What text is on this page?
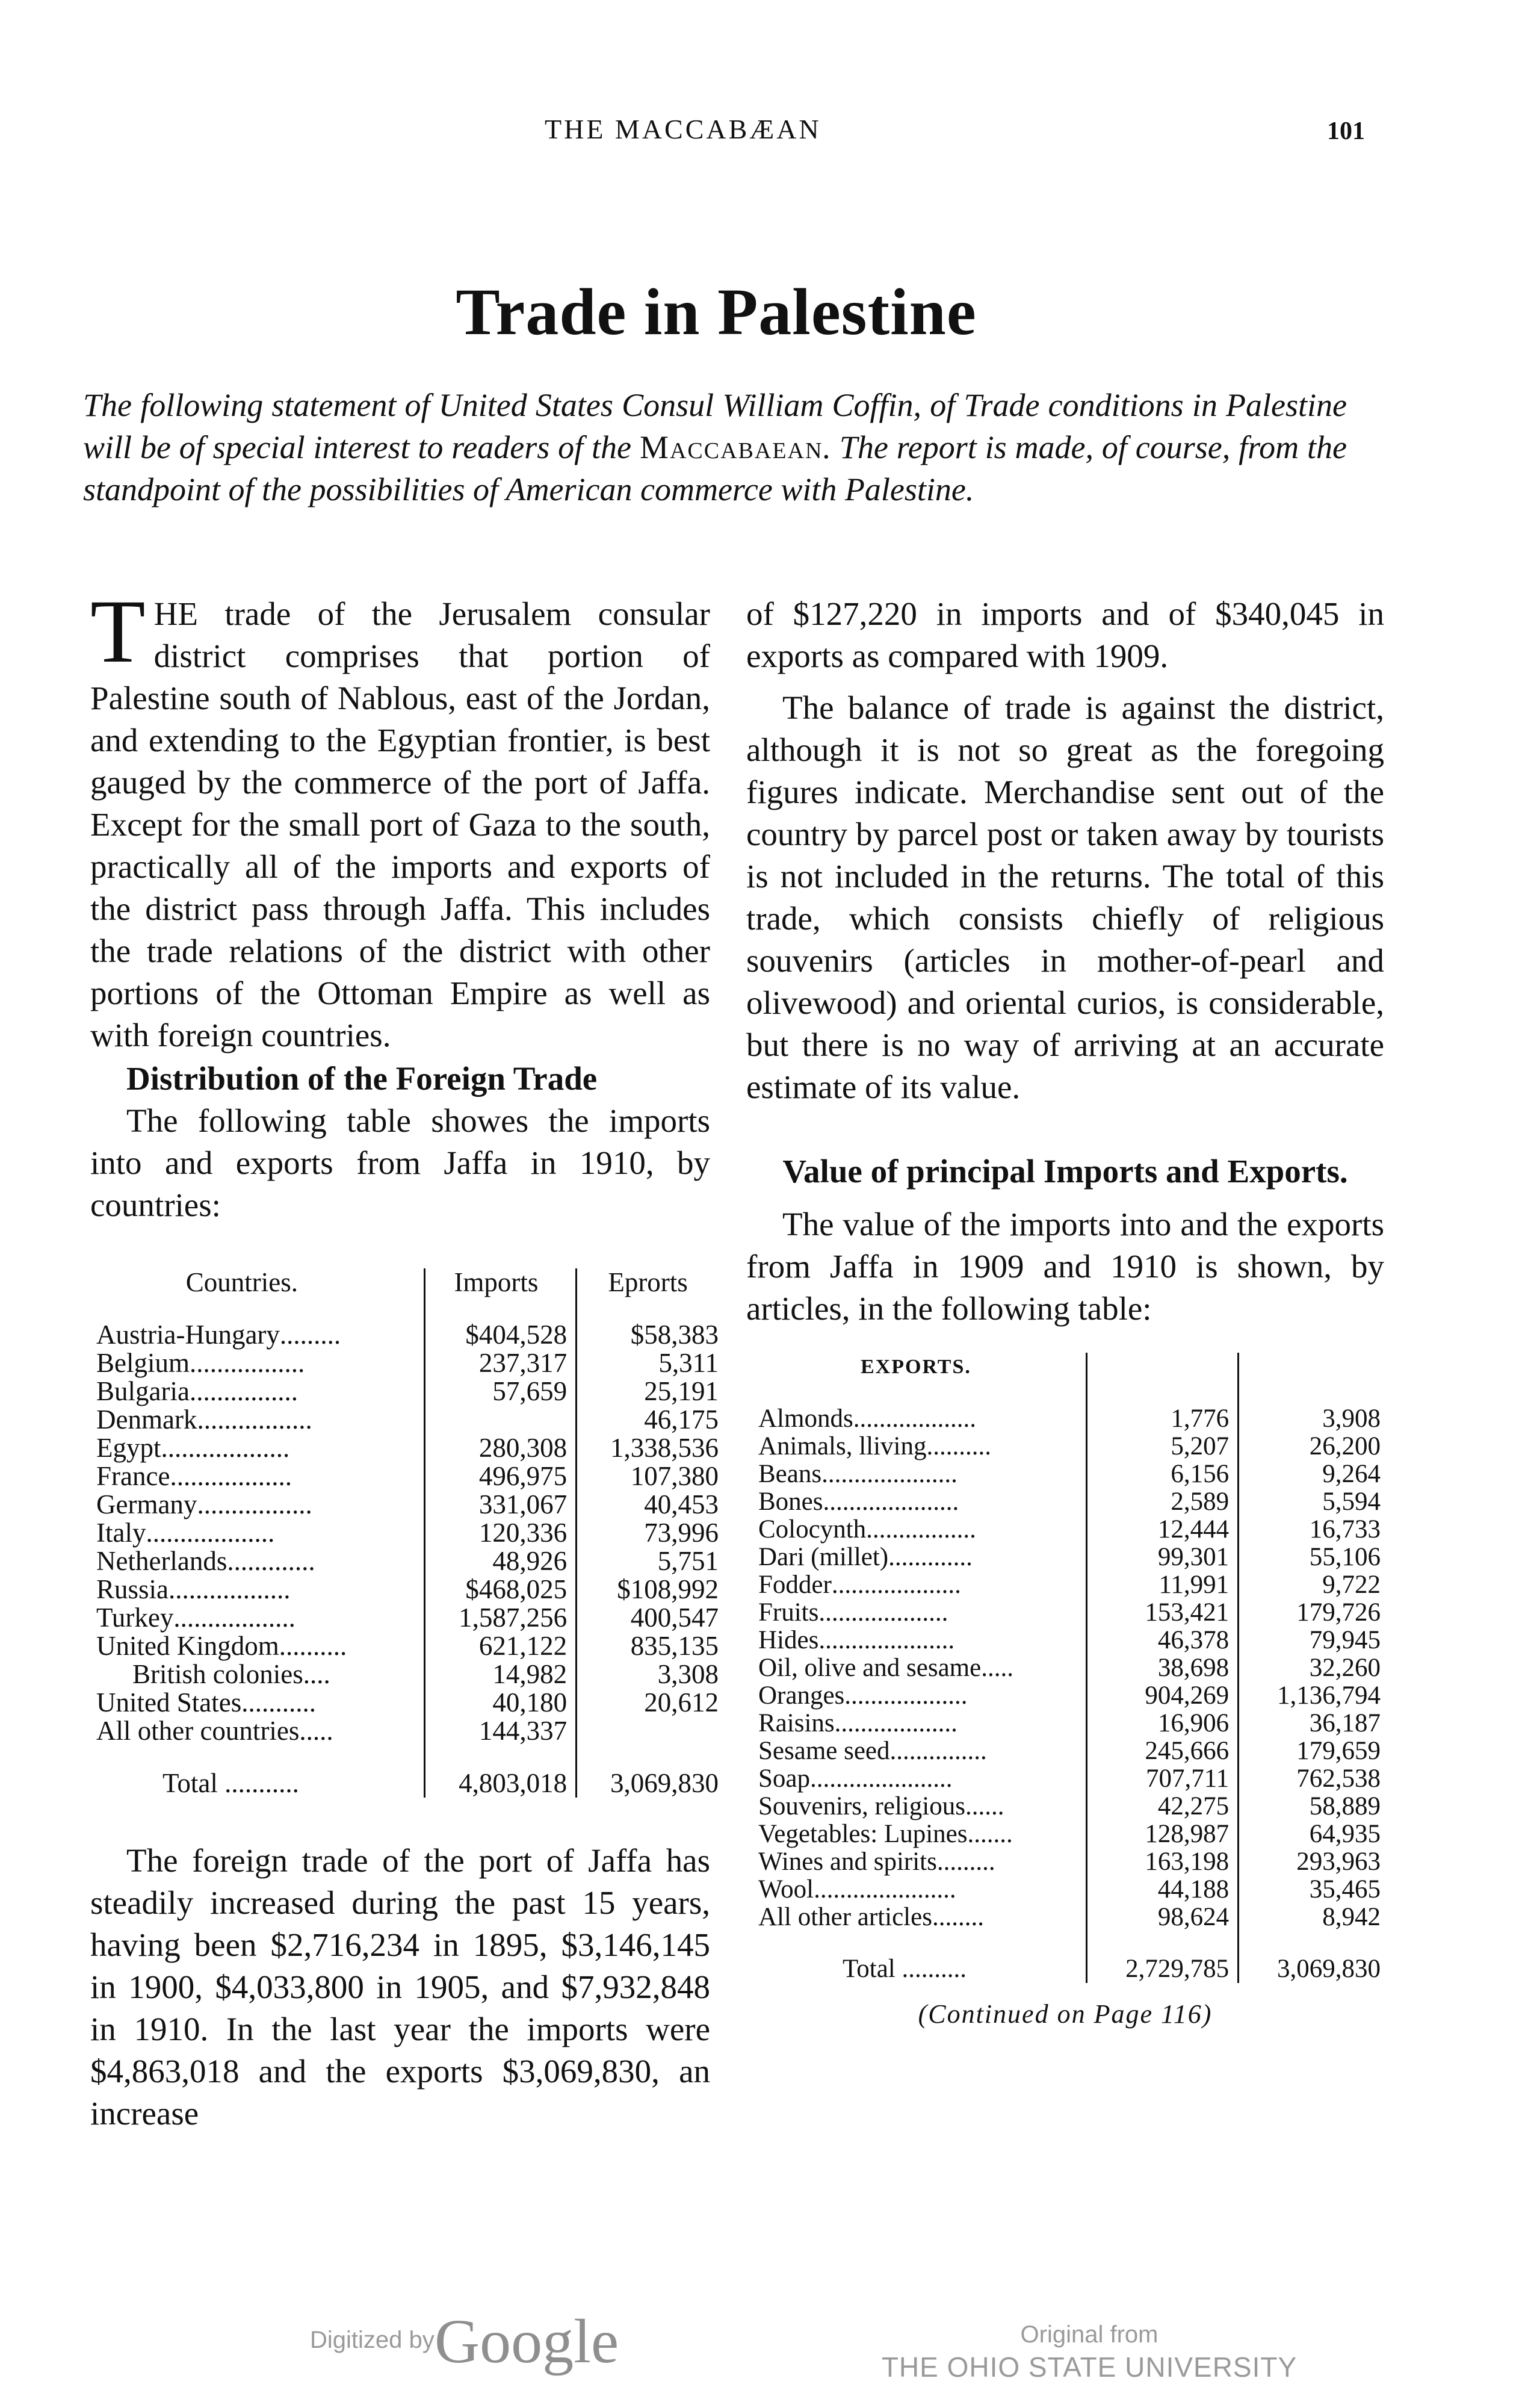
THE MACCABÆAN	101
Trade in Palestine

The following statement of United States Consul William Coffin, of Trade conditions in Palestine will be of special interest to readers of the Maccabaean. The report is made, of course, from the standpoint of the possibilities of American commerce with Palestine.

THE trade of the Jerusalem consular district comprises that portion of Palestine south of Nablous, east of the Jordan, and extending to the Egyptian frontier, is best gauged by the commerce of the port of Jaffa. Except for the small port of Gaza to the south, practically all of the imports and exports of the district pass through Jaffa. This includes the trade relations of the district with other portions of the Ottoman Empire as well as with foreign countries.

Distribution of the Foreign Trade

The following table showes the imports into and exports from Jaffa in 1910, by countries:

Countries.	Imports	Eprorts
Austria-Hungary.........	$404,528	$58,383
Belgium.................	237,317	5,311
Bulgaria................	57,659	25,191
Denmark.................		46,175
Egypt...................	280,308	1,338,536
France..................	496,975	107,380
Germany.................	331,067	40,453
Italy...................	120,336	73,996
Netherlands.............	48,926	5,751
Russia..................	$468,025	$108,992
Turkey..................	1,587,256	400,547
United Kingdom..........	621,122	835,135
British colonies....	14,982	3,308
United States...........	40,180	20,612
All other countries.....	144,337	
Total ...........	4,803,018	3,069,830

The foreign trade of the port of Jaffa has steadily increased during the past 15 years, having been $2,716,234 in 1895, $3,146,145 in 1900, $4,033,800 in 1905, and $7,932,848 in 1910. In the last year the imports were $4,863,018 and the exports $3,069,830, an increase

of $127,220 in imports and of $340,045 in exports as compared with 1909.

The balance of trade is against the district, although it is not so great as the foregoing figures indicate. Merchandise sent out of the country by parcel post or taken away by tourists is not included in the returns. The total of this trade, which consists chiefly of religious souvenirs (articles in mother-of-pearl and olivewood) and oriental curios, is considerable, but there is no way of arriving at an accurate estimate of its value.

Value of principal Imports and Exports.

The value of the imports into and the exports from Jaffa in 1909 and 1910 is shown, by articles, in the following table:

EXPORTS.		
Almonds...................	1,776	3,908
Animals, lliving..........	5,207	26,200
Beans.....................	6,156	9,264
Bones.....................	2,589	5,594
Colocynth.................	12,444	16,733
Dari (millet).............	99,301	55,106
Fodder....................	11,991	9,722
Fruits....................	153,421	179,726
Hides.....................	46,378	79,945
Oil, olive and sesame.....	38,698	32,260
Oranges...................	904,269	1,136,794
Raisins...................	16,906	36,187
Sesame seed...............	245,666	179,659
Soap......................	707,711	762,538
Souvenirs, religious......	42,275	58,889
Vegetables: Lupines.......	128,987	64,935
Wines and spirits.........	163,198	293,963
Wool......................	44,188	35,465
All other articles........	98,624	8,942
Total ..........	2,729,785	3,069,830

(Continued on Page 116)

Digitized by Google	Original from
THE OHIO STATE UNIVERSITY
